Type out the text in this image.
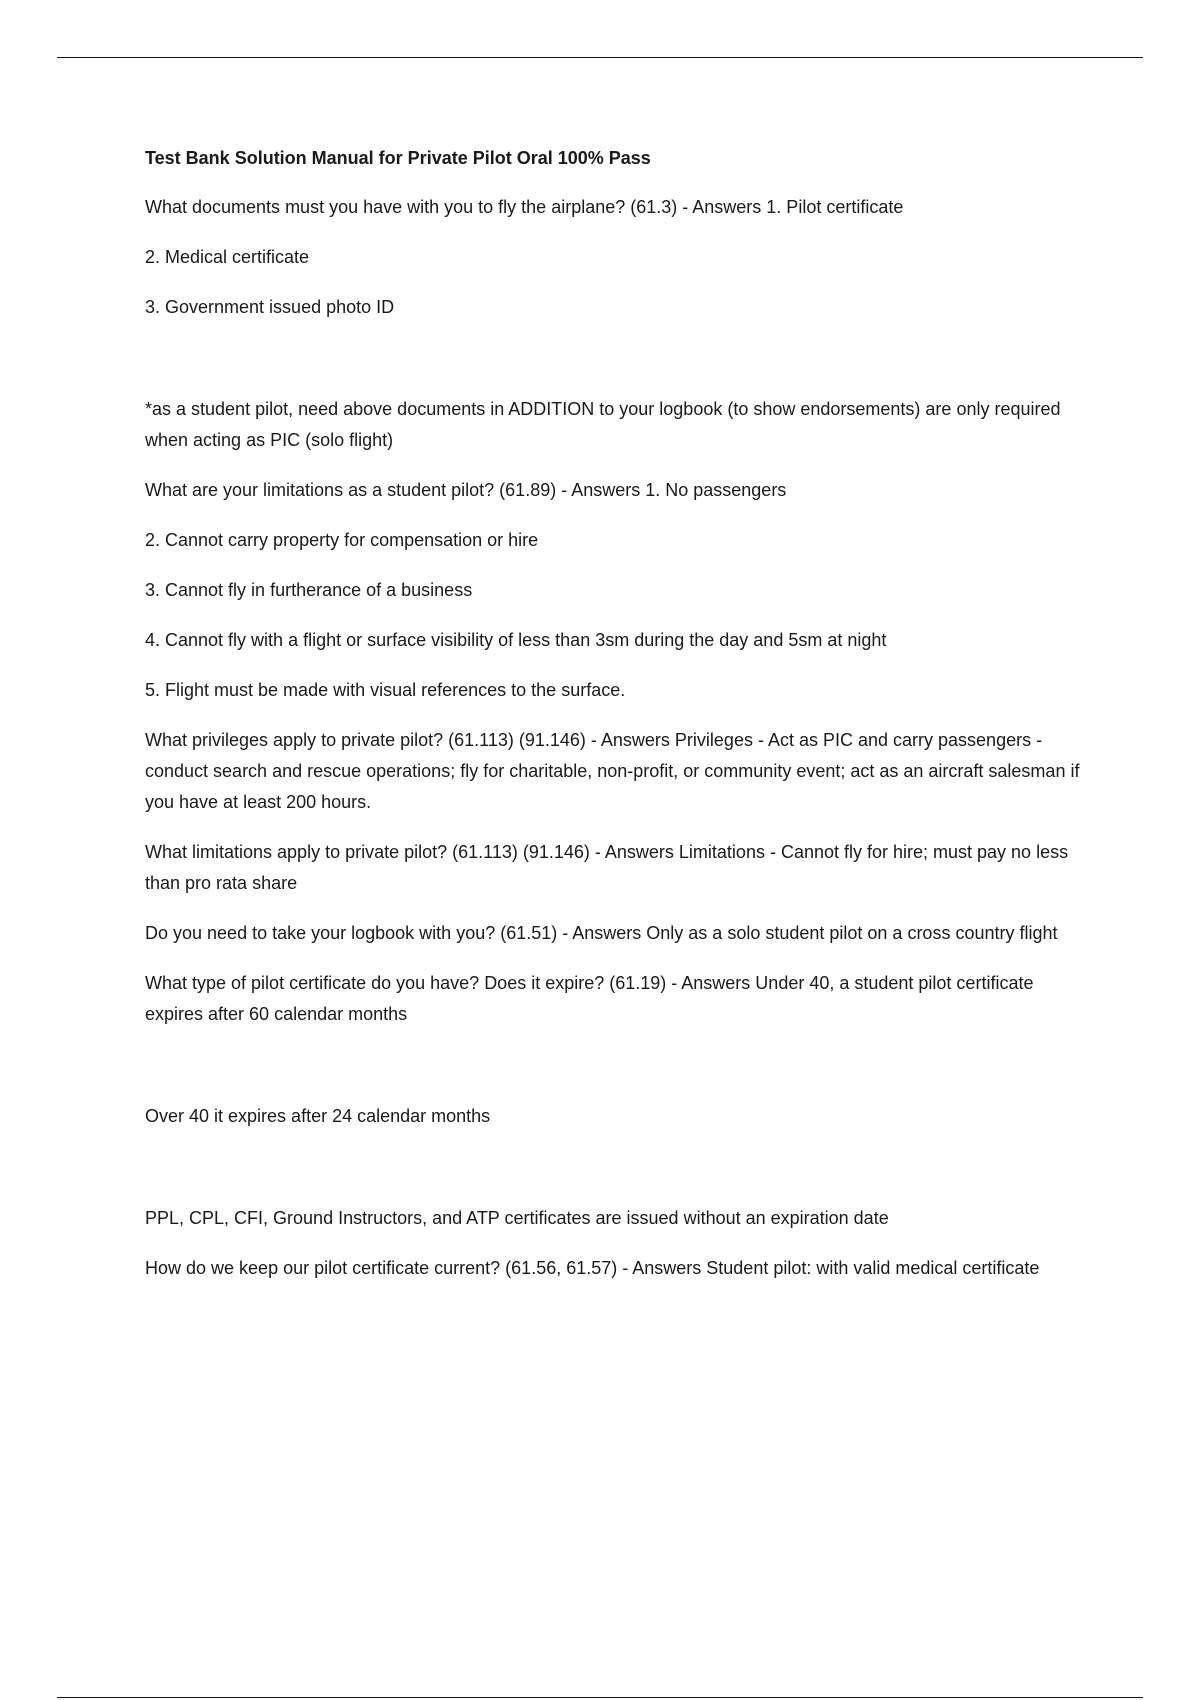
Test Bank Solution Manual for Private Pilot Oral 100% Pass
What documents must you have with you to fly the airplane? (61.3) - Answers 1. Pilot certificate
2. Medical certificate
3. Government issued photo ID
*as a student pilot, need above documents in ADDITION to your logbook (to show endorsements) are only required when acting as PIC (solo flight)
What are your limitations as a student pilot? (61.89) - Answers 1. No passengers
2. Cannot carry property for compensation or hire
3. Cannot fly in furtherance of a business
4. Cannot fly with a flight or surface visibility of less than 3sm during the day and 5sm at night
5. Flight must be made with visual references to the surface.
What privileges apply to private pilot? (61.113) (91.146) - Answers Privileges - Act as PIC and carry passengers - conduct search and rescue operations; fly for charitable, non-profit, or community event; act as an aircraft salesman if you have at least 200 hours.
What limitations apply to private pilot? (61.113) (91.146) - Answers Limitations - Cannot fly for hire; must pay no less than pro rata share
Do you need to take your logbook with you? (61.51) - Answers Only as a solo student pilot on a cross country flight
What type of pilot certificate do you have? Does it expire? (61.19) - Answers Under 40, a student pilot certificate expires after 60 calendar months
Over 40 it expires after 24 calendar months
PPL, CPL, CFI, Ground Instructors, and ATP certificates are issued without an expiration date
How do we keep our pilot certificate current? (61.56, 61.57) - Answers Student pilot: with valid medical certificate
